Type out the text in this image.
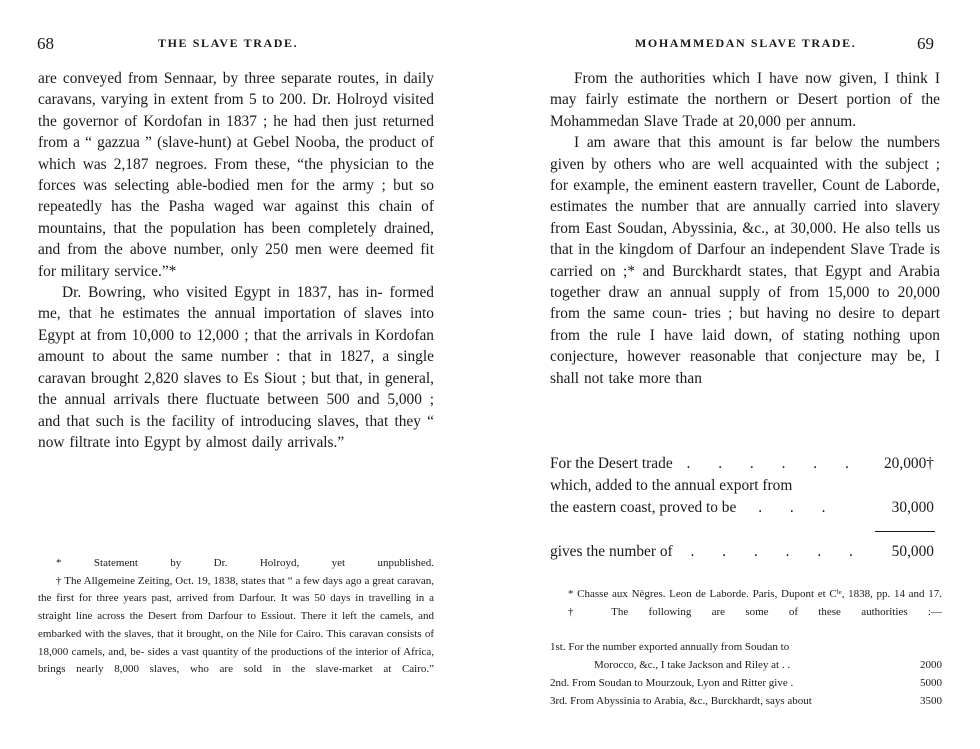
68	THE SLAVE TRADE.

are conveyed from Sennaar, by three separate routes, in daily caravans, varying in extent from 5 to 200. Dr. Holroyd visited the governor of Kordofan in 1837 ; he had then just returned from a “ gazzua ” (slave-hunt) at Gebel Nooba, the product of which was 2,187 negroes. From these, “the physician to the forces was selecting able-bodied men for the army ; but so repeatedly has the Pasha waged war against this chain of mountains, that the population has been completely drained, and from the above number, only 250 men were deemed fit for military service.”*

Dr. Bowring, who visited Egypt in 1837, has in- formed me, that he estimates the annual importation of slaves into Egypt at from 10,000 to 12,000 ; that the arrivals in Kordofan amount to about the same number : that in 1827, a single caravan brought 2,820 slaves to Es Siout ; but that, in general, the annual arrivals there fluctuate between 500 and 5,000 ; and that such is the facility of introducing slaves, that they “ now filtrate into Egypt by almost daily arrivals.”

* Statement by Dr. Holroyd, yet unpublished.

† The Allgemeine Zeiting, Oct. 19, 1838, states that “ a few days ago a great caravan, the first for three years past, arrived from Darfour. It was 50 days in travelling in a straight line across the Desert from Darfour to Essiout. There it left the camels, and embarked with the slaves, that it brought, on the Nile for Cairo. This caravan consists of 18,000 camels, and, be- sides a vast quantity of the productions of the interior of Africa, brings nearly 8,000 slaves, who are sold in the slave-market at Cairo.”

MOHAMMEDAN SLAVE TRADE.	69

From the authorities which I have now given, I think I may fairly estimate the northern or Desert portion of the Mohammedan Slave Trade at 20,000 per annum.

I am aware that this amount is far below the numbers given by others who are well acquainted with the subject ; for example, the eminent eastern traveller, Count de Laborde, estimates the number that are annually carried into slavery from East Soudan, Abyssinia, &c., at 30,000. He also tells us that in the kingdom of Darfour an independent Slave Trade is carried on ;* and Burckhardt states, that Egypt and Arabia together draw an annual supply of from 15,000 to 20,000 from the same coun- tries ; but having no desire to depart from the rule I have laid down, of stating nothing upon conjecture, however reasonable that conjecture may be, I shall not take more than

For the Desert trade . . . . . . 20,000†
which, added to the annual export from
the eastern coast, proved to be . . .	30,000
gives the number of . . . . . . 50,000

* Chasse aux Nègres. Leon de Laborde. Paris, Dupont et Cⁱᵉ, 1838, pp. 14 and 17.

† The following are some of these authorities :—

1st. For the number exported annually from Soudan to
Morocco, &c., I take Jackson and Riley at . .	2000
2nd. From Soudan to Mourzouk, Lyon and Ritter give .	5000
3rd. From Abyssinia to Arabia, &c., Burckhardt, says about	3500
